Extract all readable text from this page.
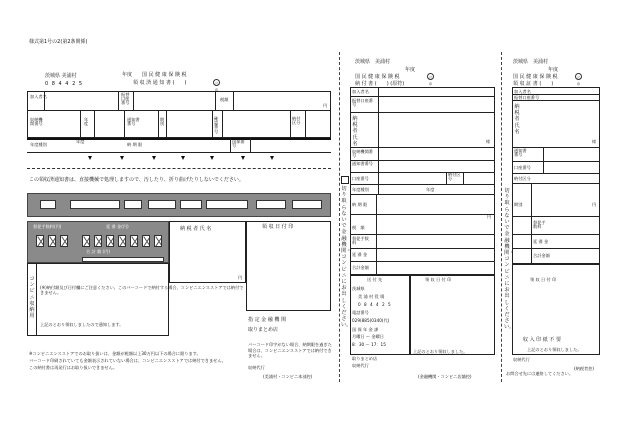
様式第1号の2(第2条関係)
茨城県 美浦村
0 8 4 4 2 5
年度 国 民 健 康 保 険 税
領 収 済 通 知 書 (　　)	公印
加入者名	振替口座番号
税額
円
収納機関番号
年度
通知書番号
期別
確認番号
納付区分
年度種別
年度
納 期 限
国保番号
この領収済通知書は、直接機械で処理しますので、汚したり、折り曲げたりしないでください。
督促手数料(円)	延 滞 金(円)
合 計 額 (円)
納 税 者 氏 名
円
領 収 日 付 印
コンビニ収納用
(※)納付額及び日付欄にご注意ください。このバーコードで納付する場合、コンビニエンスストアでは納付できません。
上記のとおり領収しましたので通知します。
※コンビニエンスストアでのお取り扱いは、金額が税額以上30万円以下の場合に限ります。
バーコード印刷されていても金額表示されていない場合は、コンビニエンスストアでは納付できません。
この納付書は再発行はお取り扱いできません。
指 定 金 融 機 関
取りまとめ店
バーコード印字がない場合、納期限を過ぎた場合は、コンビニエンスストアでは納付できません。
収納代行
(美浦村・コンビニ本部控)
茨城県　美浦村
年度
国 民 健 康 保 険 税
納 付 書 (　　) (原符)
公印
加入者名
振替口座番号
納 税 者 氏 名	様
収納機関番号
通知書番号
口座番号
納付区分
年度種別	年度
納 期 限
税　額
円
督促手数料
延 滞 金
合計金額
切り取らないで金融機関・コンビニにお出しください。
送 付 先
茨城県
美 浦 村 役 場
0 8 4 4 2 5
電話番号
029(885)0340(代)
国 保 年 金 課
月曜日 ～ 金曜日
8：30 ～ 17：15
領 収 日 付 印
上記のとおり領収しました。
取りまとめ店
収納代行
(金融機関・コンビニ店舗控)
茨城県　美浦村
年度
国 民 健 康 保 険 税
領 収 証 書 (　　)
公印
加入者名
振替口座番号
納 税 者 氏 名
様
通知書番号
口座番号
納付区分
期別	円
督促手数料
延 滞 金
合計金額
切り取らないで金融機関・コンビニにお出しください。
領 収 日 付 印
収 入 印 紙 不 要
上記のとおり領収しました。
収納代行
お問合せ先には連絡してください。
(納税者控)
